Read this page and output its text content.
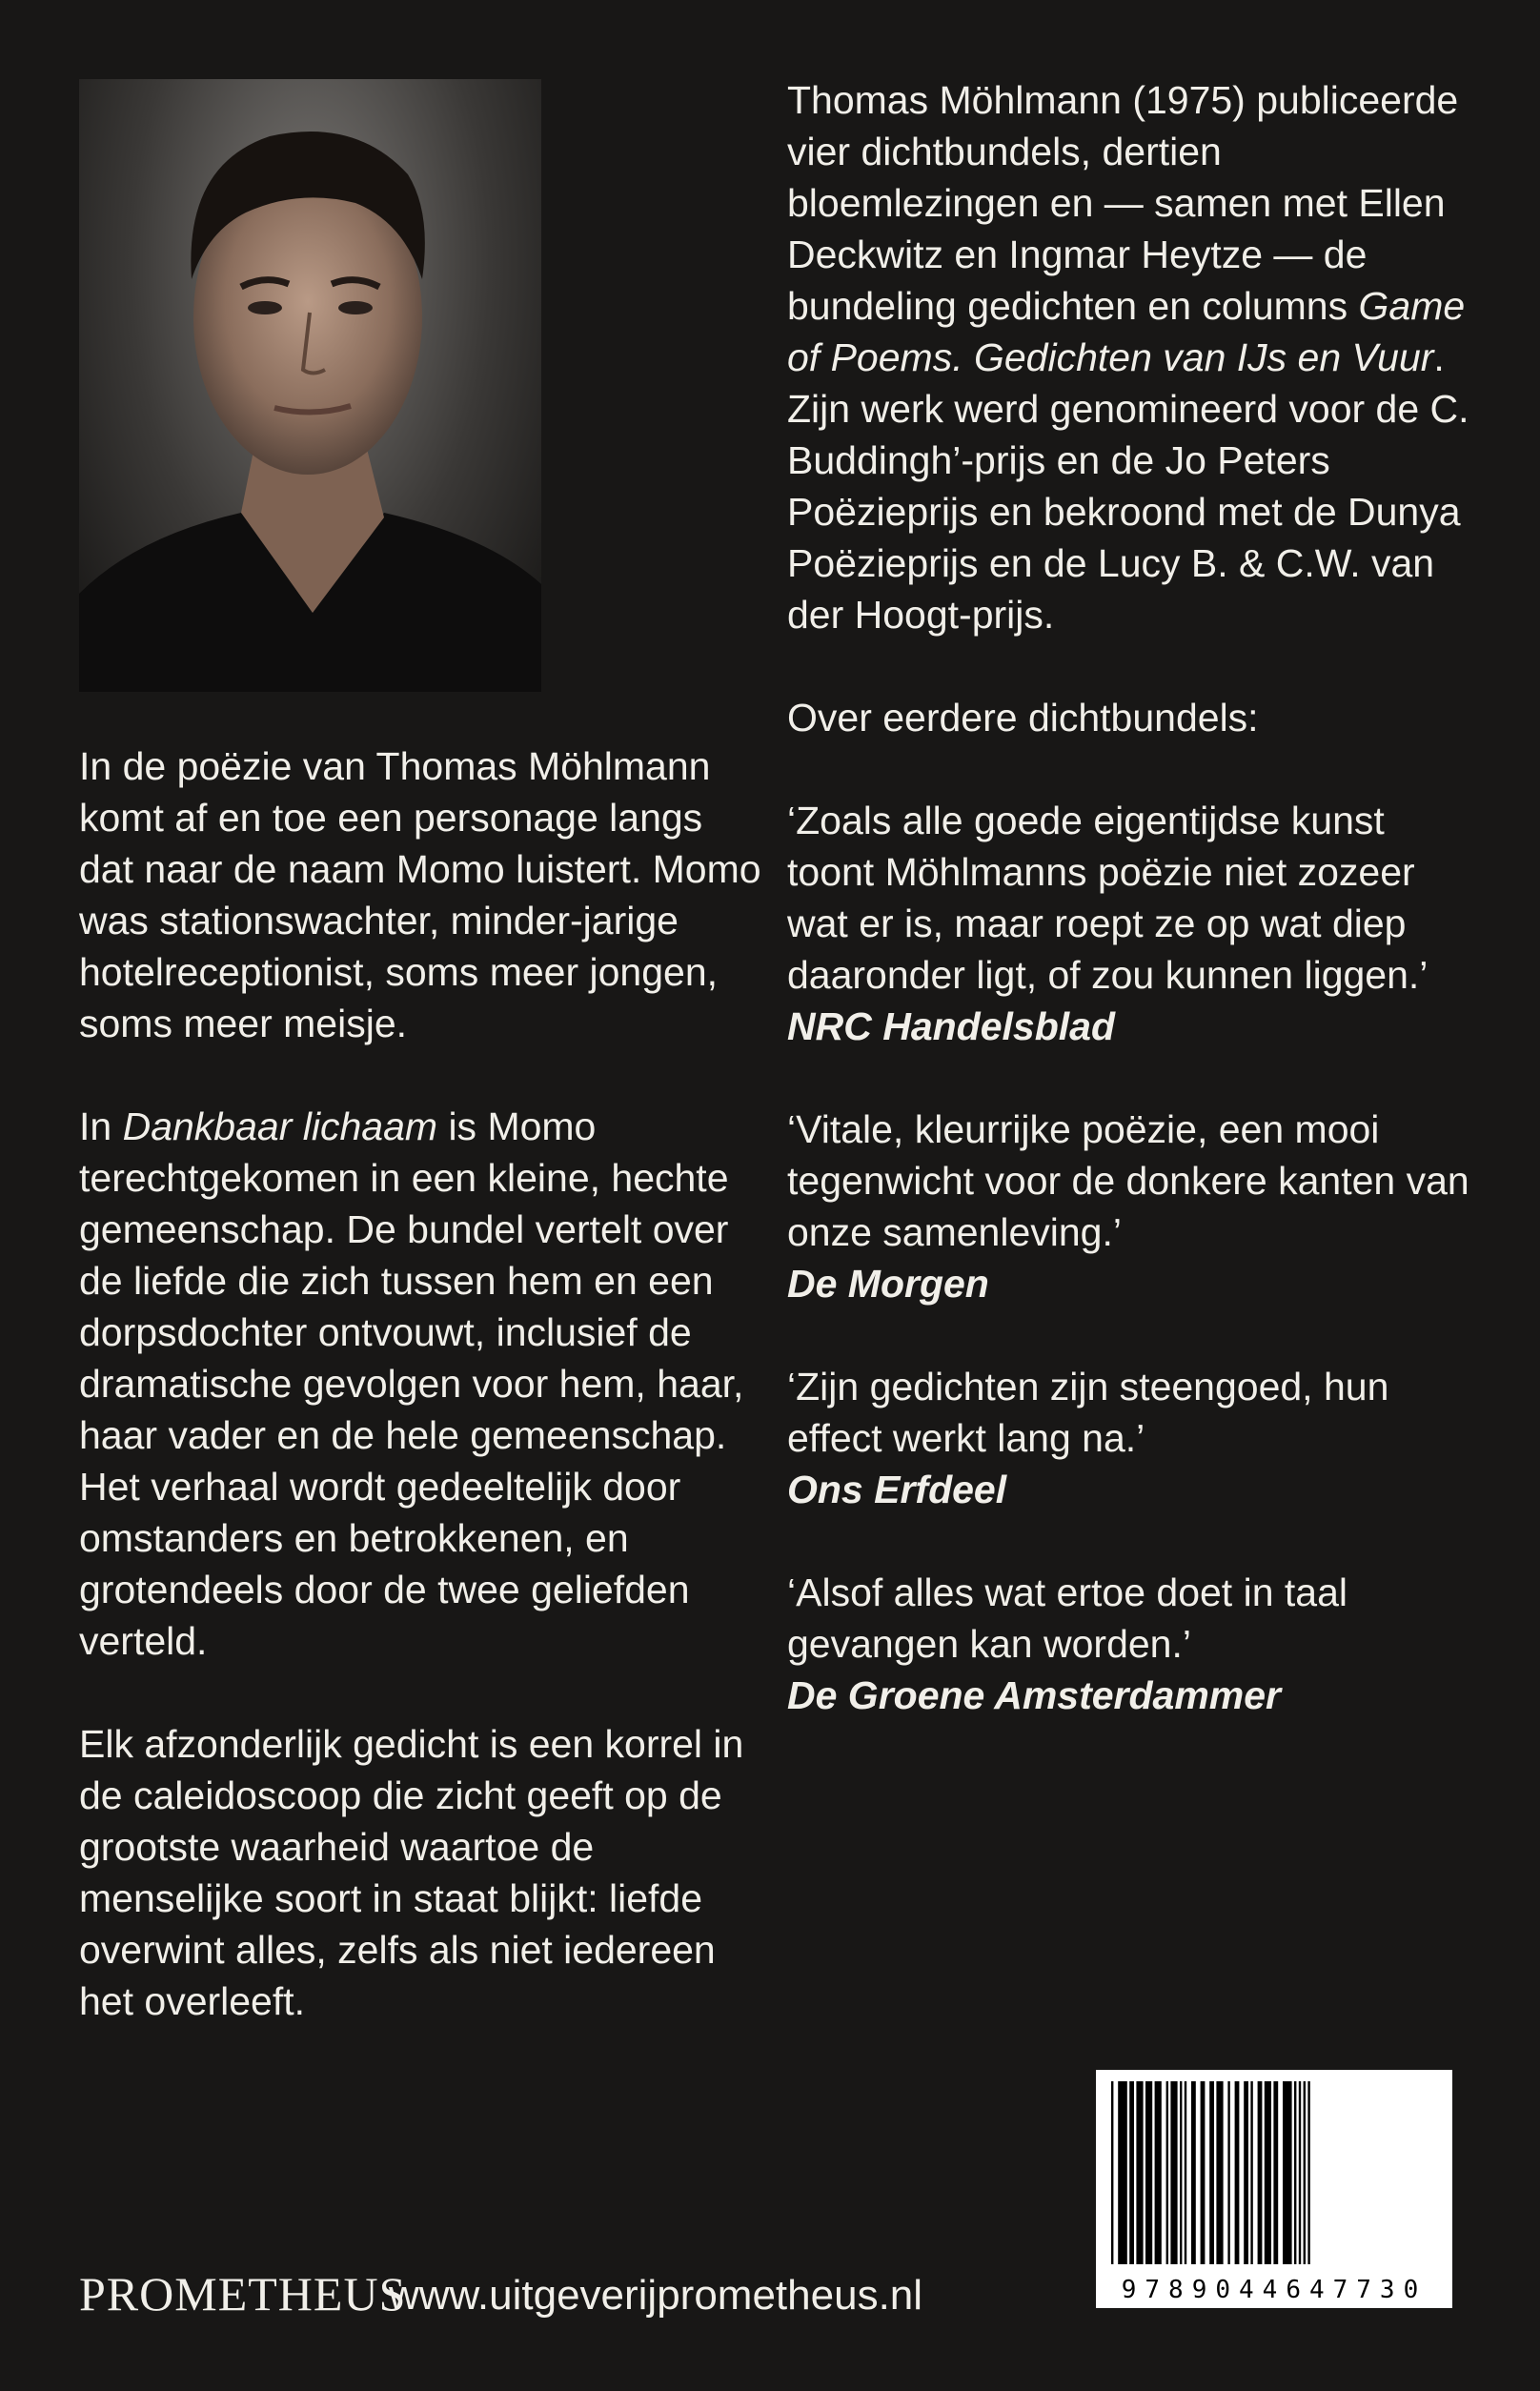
In de poëzie van Thomas Möhlmann komt af en toe een personage langs dat naar de naam Momo luistert. Momo was stationswachter, minder-jarige hotelreceptionist, soms meer jongen, soms meer meisje.

In Dankbaar lichaam is Momo terechtgekomen in een kleine, hechte gemeenschap. De bundel vertelt over de liefde die zich tussen hem en een dorpsdochter ontvouwt, inclusief de dramatische gevolgen voor hem, haar, haar vader en de hele gemeenschap. Het verhaal wordt gedeeltelijk door omstanders en betrokkenen, en grotendeels door de twee geliefden verteld.

Elk afzonderlijk gedicht is een korrel in de caleidoscoop die zicht geeft op de grootste waarheid waartoe de menselijke soort in staat blijkt: liefde overwint alles, zelfs als niet iedereen het overleeft.

Thomas Möhlmann (1975) publiceerde vier dichtbundels, dertien bloemlezingen en — samen met Ellen Deckwitz en Ingmar Heytze — de bundeling gedichten en columns Game of Poems. Gedichten van IJs en Vuur. Zijn werk werd genomineerd voor de C. Buddingh’-prijs en de Jo Peters Poëzieprijs en bekroond met de Dunya Poëzieprijs en de Lucy B. & C.W. van der Hoogt-prijs.

Over eerdere dichtbundels:

‘Zoals alle goede eigentijdse kunst toont Möhlmanns poëzie niet zozeer wat er is, maar roept ze op wat diep daaronder ligt, of zou kunnen liggen.’
NRC Handelsblad
‘Vitale, kleurrijke poëzie, een mooi tegenwicht voor de donkere kanten van onze samenleving.’
De Morgen
‘Zijn gedichten zijn steengoed, hun effect werkt lang na.’
Ons Erfdeel
‘Alsof alles wat ertoe doet in taal gevangen kan worden.’
De Groene Amsterdammer
9789044647730
PROMETHEUS
www.uitgeverijprometheus.nl
